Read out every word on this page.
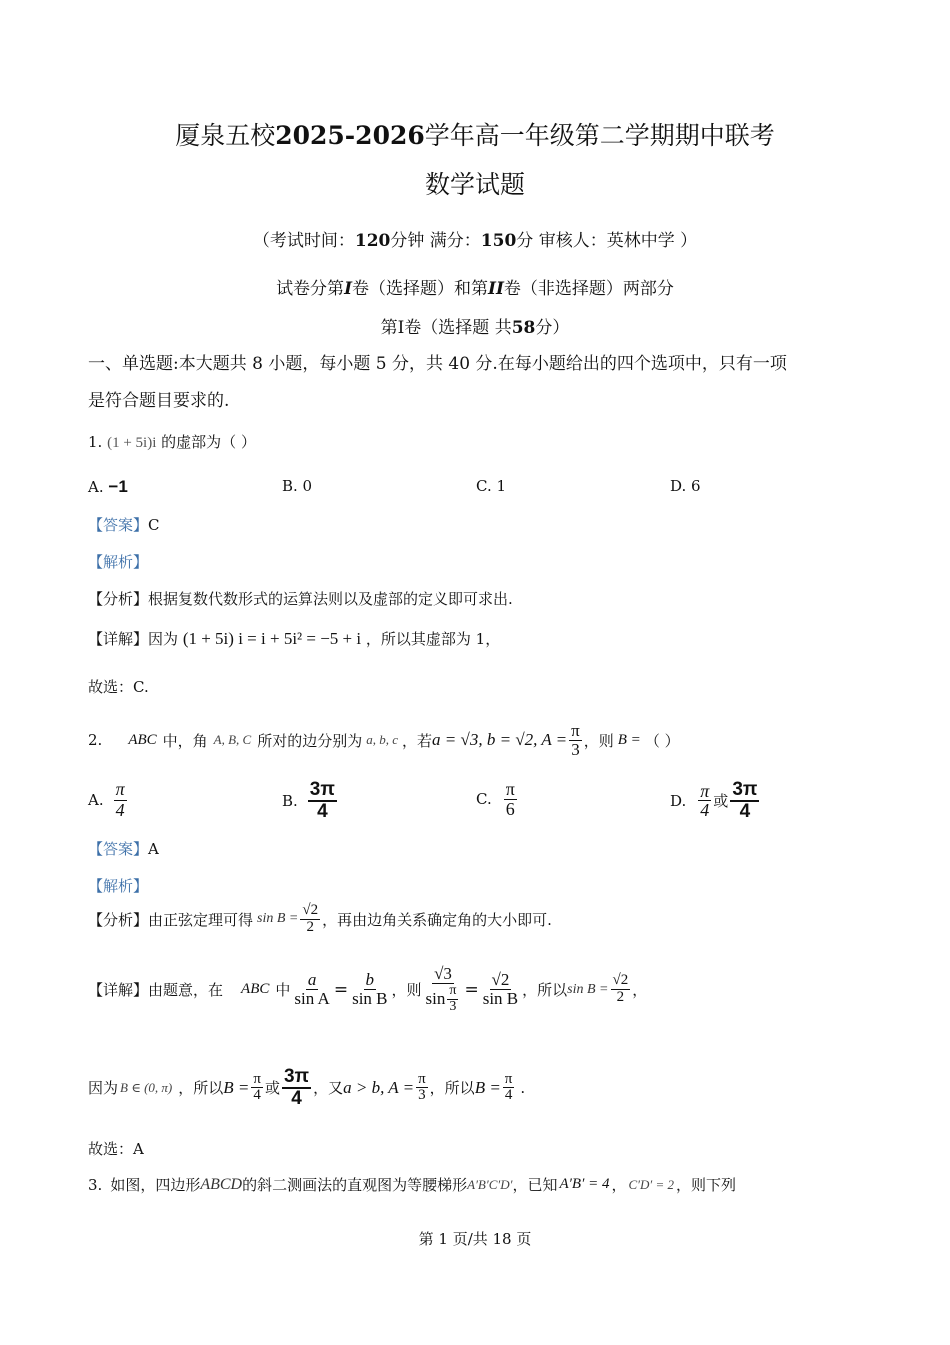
厦泉五校2025-2026学年高一年级第二学期期中联考
数学试题
（考试时间：120分钟 满分：150分 审核人：英林中学 ）
试卷分第I卷（选择题）和第II卷（非选择题）两部分
第Ⅰ卷（选择题 共58分）
一、单选题:本大题共 8 小题，每小题 5 分，共 40 分.在每小题给出的四个选项中，只有一项
是符合题目要求的.
1. (1 + 5i)i 的虚部为（ ）
A. −1	B. 0	C. 1	D. 6
【答案】C
【解析】
【分析】根据复数代数形式的运算法则以及虚部的定义即可求出.
【详解】因为 (1 + 5i) i = i + 5i² = −5 + i ，所以其虚部为 1，
故选：C.
2. ABC 中，角 A, B, C 所对的边分别为 a, b, c ，若 a = √3, b = √2, $A = \frac{\pi}{3}$ ，则 B = （ ）
A. $\frac{\pi}{4}$	B. $\frac{3\pi}{4}$	C. $\frac{\pi}{6}$	D. $\frac{\pi}{4}$ 或 $\frac{3\pi}{4}$
【答案】A
【解析】
【分析】 由正弦定理可得 $\sin B = \frac{√2}{2}$ ，再由边角关系确定角的大小即可.
【详解】 由题意，在 ABC 中 $\frac{a}{\text{sin A}} = \frac{b}{\text{sin B}}$ ，则 $\frac{√3}{\sin \frac{\pi}{3}} = \frac{√2}{\text{sin B}}$ ，所以 $\sin B = \frac{√2}{2}$ ，
因为 B ∈ (0, π) ，所以 $B = \frac{\pi}{4}$ 或 $\frac{3\pi}{4}$ ，又 a > b, $A = \frac{\pi}{3}$ ，所以 $B = \frac{\pi}{4}$ .
故选：A
3. 如图，四边形 ABCD 的斜二测画法的直观图为等腰梯形 A′B′C′D′ ，已知 A′B′ = 4 ， C′D′ = 2 ，则下列
第 1 页/共 18 页
